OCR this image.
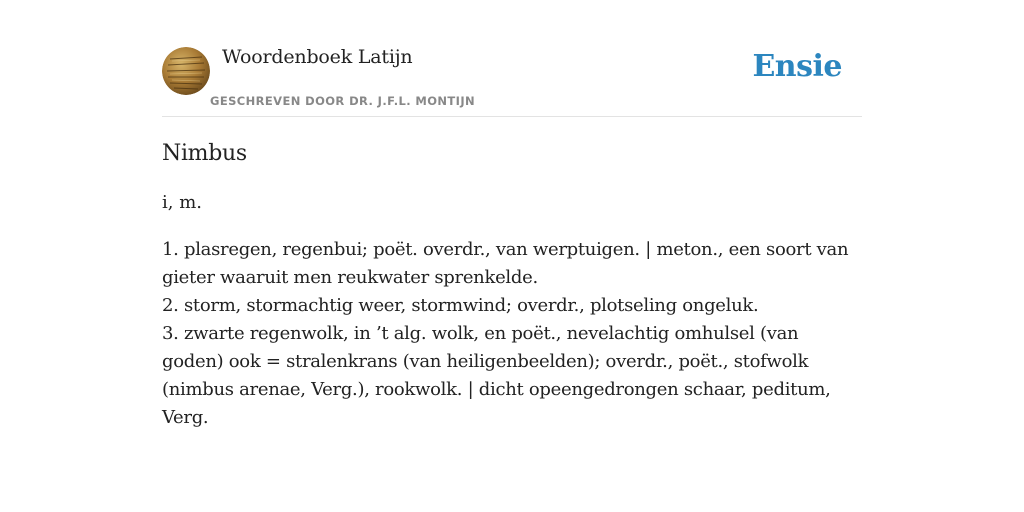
Woordenboek Latijn
GESCHREVEN DOOR DR. J.F.L. MONTIJN
Ensie
Nimbus

i, m.

1. plasregen, regenbui; poët. overdr., van werptuigen. | meton., een soort van gieter waaruit men reukwater sprenkelde.
2. storm, stormachtig weer, stormwind; overdr., plotseling ongeluk.
3. zwarte regenwolk, in ’t alg. wolk, en poët., nevelachtig omhulsel (van goden) ook = stralenkrans (van heiligenbeelden); overdr., poët., stofwolk (nimbus arenae, Verg.), rookwolk. | dicht opeengedrongen schaar, peditum, Verg.
